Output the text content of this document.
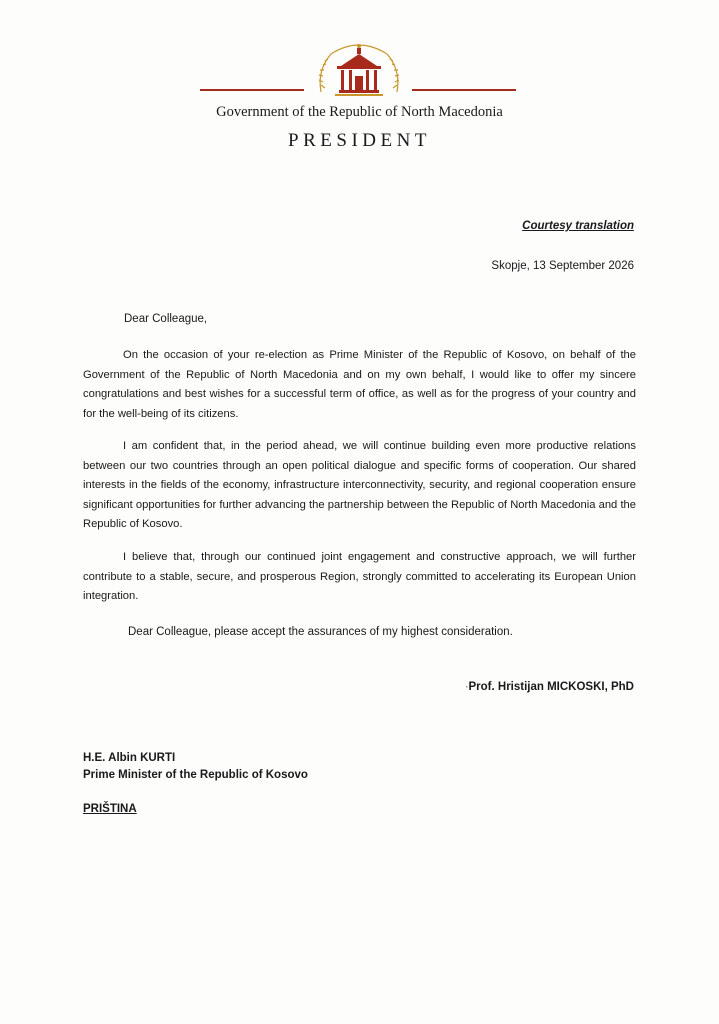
Government of the Republic of North Macedonia
PRESIDENT
Courtesy translation
Skopje, 13 September 2026
Dear Colleague,
On the occasion of your re-election as Prime Minister of the Republic of Kosovo, on behalf of the Government of the Republic of North Macedonia and on my own behalf, I would like to offer my sincere congratulations and best wishes for a successful term of office, as well as for the progress of your country and for the well-being of its citizens.
I am confident that, in the period ahead, we will continue building even more productive relations between our two countries through an open political dialogue and specific forms of cooperation. Our shared interests in the fields of the economy, infrastructure interconnectivity, security, and regional cooperation ensure significant opportunities for further advancing the partnership between the Republic of North Macedonia and the Republic of Kosovo.
I believe that, through our continued joint engagement and constructive approach, we will further contribute to a stable, secure, and prosperous Region, strongly committed to accelerating its European Union integration.
Dear Colleague, please accept the assurances of my highest consideration.
· Prof. Hristijan MICKOSKI, PhD
H.E. Albin KURTI
Prime Minister of the Republic of Kosovo
PRIŠTINA
